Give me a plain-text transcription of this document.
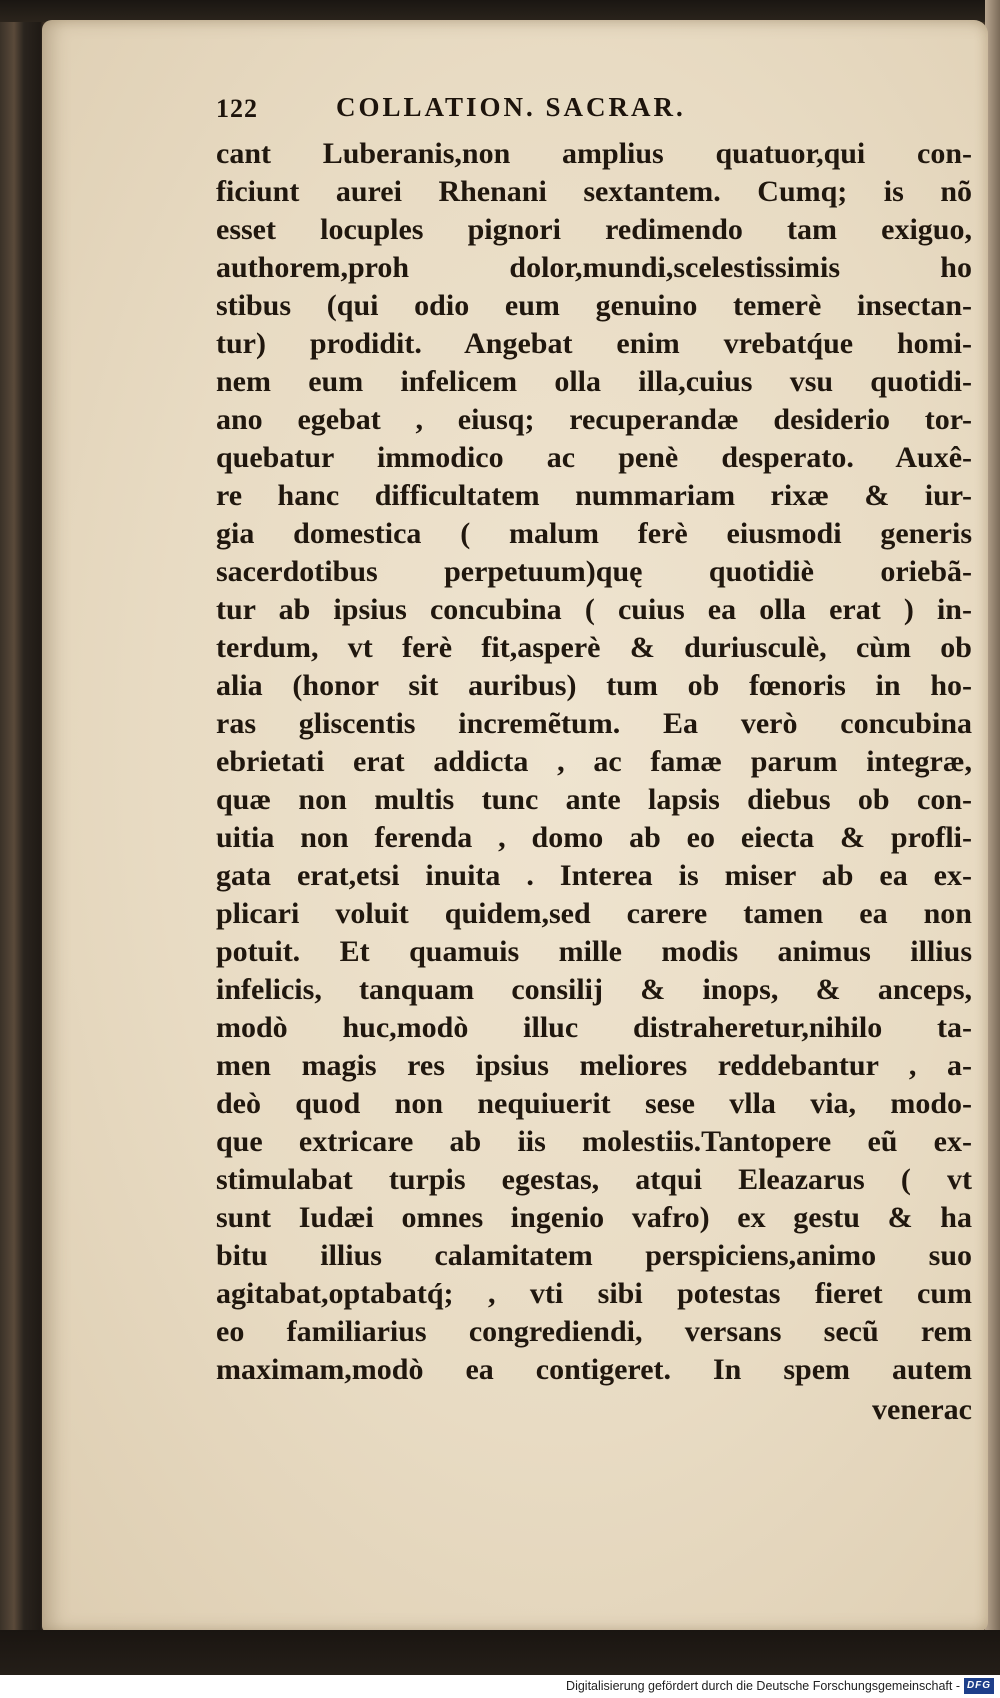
122	COLLATION. SACRAR.
cant Luberanis,non amplius quatuor,qui con-
ficiunt aurei Rhenani sextantem. Cumq; is nõ
esset locuples pignori redimendo tam exiguo,
authorem,proh dolor,mundi,scelestissimis ho
stibus (qui odio eum genuino temerè insectan-
tur) prodidit. Angebat enim vrebatq́ue homi-
nem eum infelicem olla illa,cuius vsu quotidi-
ano egebat , eiusq; recuperandæ desiderio tor-
quebatur immodico ac penè desperato. Auxê-
re hanc difficultatem nummariam rixæ & iur-
gia domestica ( malum ferè eiusmodi generis
sacerdotibus perpetuum)quę quotidiè oriebã-
tur ab ipsius concubina ( cuius ea olla erat ) in-
terdum, vt ferè fit,asperè & duriusculè, cùm ob
alia (honor sit auribus) tum ob fœnoris in ho-
ras gliscentis incremẽtum. Ea verò concubina
ebrietati erat addicta , ac famæ parum integræ,
quæ non multis tunc ante lapsis diebus ob con-
uitia non ferenda , domo ab eo eiecta & profli-
gata erat,etsi inuita . Interea is miser ab ea ex-
plicari voluit quidem,sed carere tamen ea non
potuit. Et quamuis mille modis animus illius
infelicis, tanquam consilij & inops, & anceps,
modò huc,modò illuc distraheretur,nihilo ta-
men magis res ipsius meliores reddebantur , a-
deò quod non nequiuerit sese vlla via, modo-
que extricare ab iis molestiis.Tantopere eũ ex-
stimulabat turpis egestas, atqui Eleazarus ( vt
sunt Iudæi omnes ingenio vafro) ex gestu & ha
bitu illius calamitatem perspiciens,animo suo
agitabat,optabatq́; , vti sibi potestas fieret cum
eo familiarius congrediendi, versans secũ rem
maximam,modò ea contigeret. In spem autem
venerac
Digitalisierung gefördert durch die Deutsche Forschungsgemeinschaft - DFG
